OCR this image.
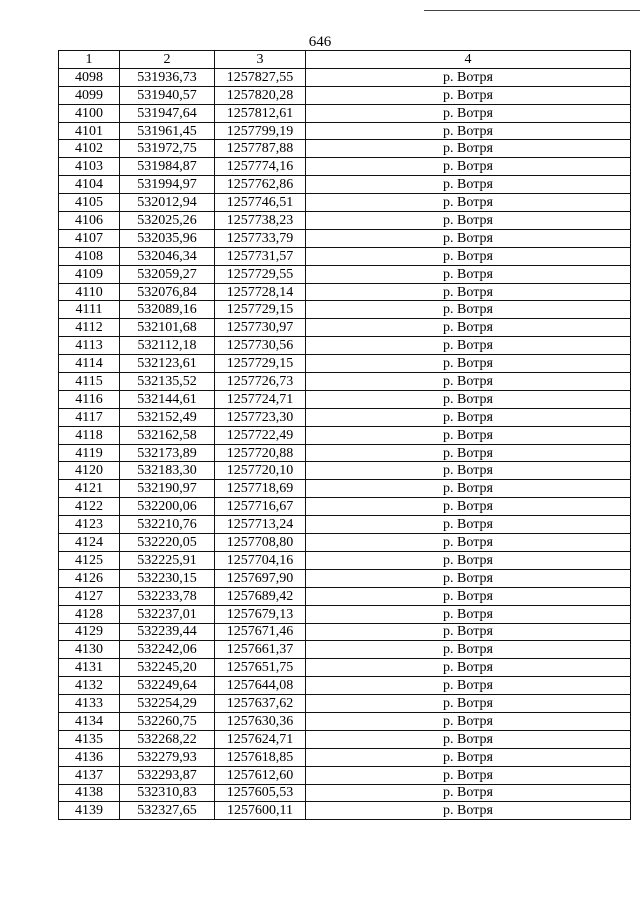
646
1	2	3	4
4098	531936,73	1257827,55	р. Вотря
4099	531940,57	1257820,28	р. Вотря
4100	531947,64	1257812,61	р. Вотря
4101	531961,45	1257799,19	р. Вотря
4102	531972,75	1257787,88	р. Вотря
4103	531984,87	1257774,16	р. Вотря
4104	531994,97	1257762,86	р. Вотря
4105	532012,94	1257746,51	р. Вотря
4106	532025,26	1257738,23	р. Вотря
4107	532035,96	1257733,79	р. Вотря
4108	532046,34	1257731,57	р. Вотря
4109	532059,27	1257729,55	р. Вотря
4110	532076,84	1257728,14	р. Вотря
4111	532089,16	1257729,15	р. Вотря
4112	532101,68	1257730,97	р. Вотря
4113	532112,18	1257730,56	р. Вотря
4114	532123,61	1257729,15	р. Вотря
4115	532135,52	1257726,73	р. Вотря
4116	532144,61	1257724,71	р. Вотря
4117	532152,49	1257723,30	р. Вотря
4118	532162,58	1257722,49	р. Вотря
4119	532173,89	1257720,88	р. Вотря
4120	532183,30	1257720,10	р. Вотря
4121	532190,97	1257718,69	р. Вотря
4122	532200,06	1257716,67	р. Вотря
4123	532210,76	1257713,24	р. Вотря
4124	532220,05	1257708,80	р. Вотря
4125	532225,91	1257704,16	р. Вотря
4126	532230,15	1257697,90	р. Вотря
4127	532233,78	1257689,42	р. Вотря
4128	532237,01	1257679,13	р. Вотря
4129	532239,44	1257671,46	р. Вотря
4130	532242,06	1257661,37	р. Вотря
4131	532245,20	1257651,75	р. Вотря
4132	532249,64	1257644,08	р. Вотря
4133	532254,29	1257637,62	р. Вотря
4134	532260,75	1257630,36	р. Вотря
4135	532268,22	1257624,71	р. Вотря
4136	532279,93	1257618,85	р. Вотря
4137	532293,87	1257612,60	р. Вотря
4138	532310,83	1257605,53	р. Вотря
4139	532327,65	1257600,11	р. Вотря
